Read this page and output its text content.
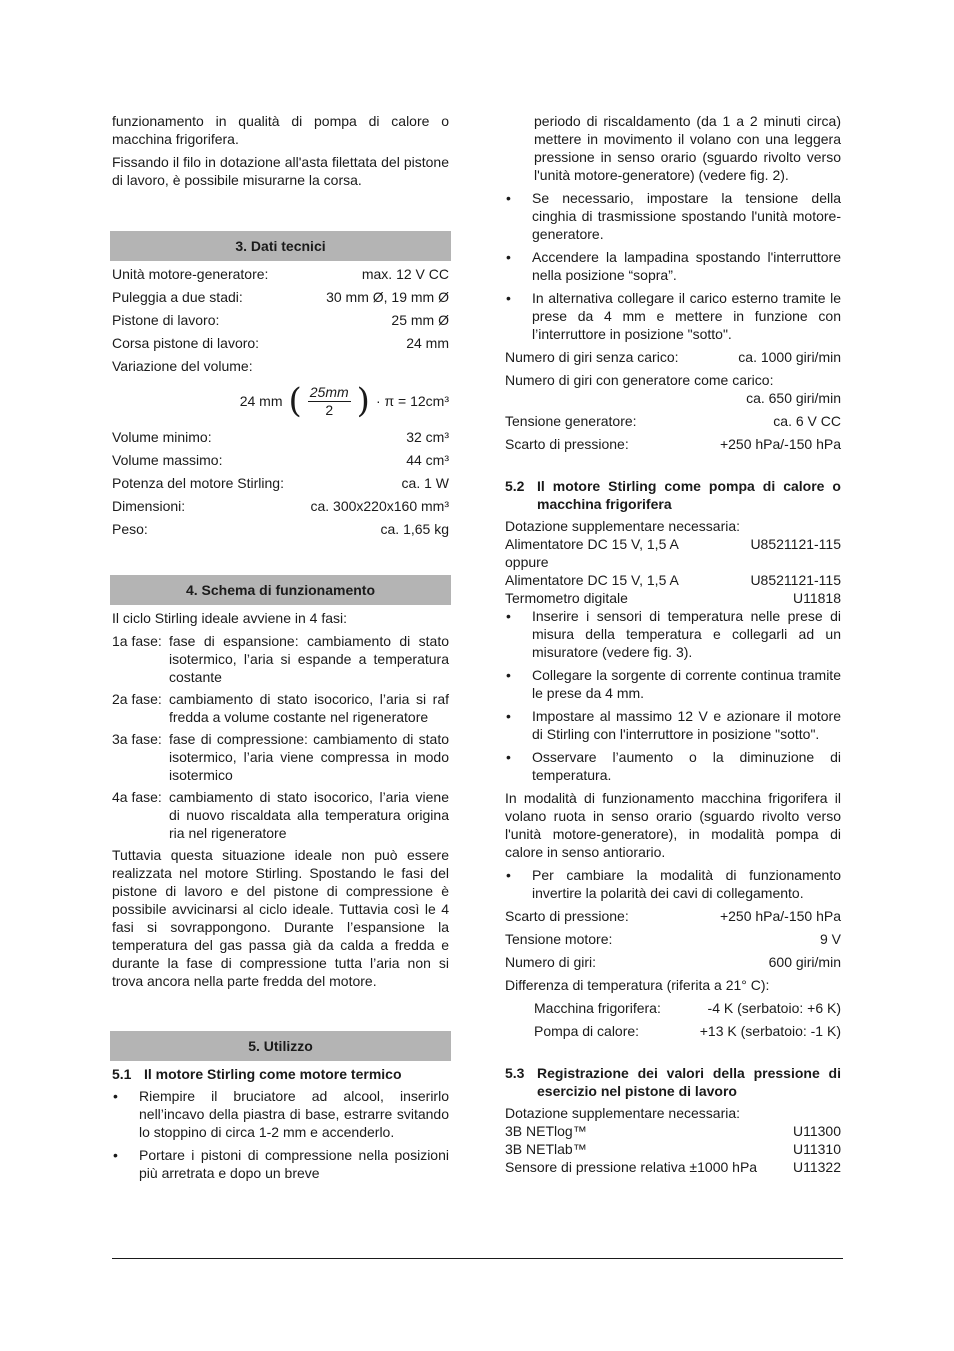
funzionamento in qualità di pompa di calore o macchina frigorifera.

Fissando il filo in dotazione all'asta filettata del pistone di lavoro, è possibile misurarne la corsa.

3. Dati tecnici
Unità motore-generatore:	max. 12 V CC
Puleggia a due stadi:	30 mm Ø, 19 mm Ø
Pistone di lavoro:	25 mm Ø
Corsa pistone di lavoro:	24 mm
Variazione del volume:
24 mm ( $\frac{25mm}{2}$ ) · π = 12cm³
Volume minimo:	32 cm³
Volume massimo:	44 cm³
Potenza del motore Stirling:	ca. 1 W
Dimensioni:	ca. 300x220x160 mm³
Peso:	ca. 1,65 kg
4. Schema di funzionamento

Il ciclo Stirling ideale avviene in 4 fasi:

1a fase: fase di espansione: cambiamento di stato isotermico, l’aria si espande a temperatura costante
2a fase: cambiamento di stato isocorico, l’aria si raf fredda a volume costante nel rigeneratore
3a fase: fase di compressione: cambiamento di stato isotermico, l’aria viene compressa in modo isotermico
4a fase: cambiamento di stato isocorico, l’aria viene di nuovo riscaldata alla temperatura origina ria nel rigeneratore

Tuttavia questa situazione ideale non può essere realizzata nel motore Stirling. Spostando le fasi del pistone di lavoro e del pistone di compressione è possibile avvicinarsi al ciclo ideale. Tuttavia così le 4 fasi si sovrappongono. Durante l’espansione la temperatura del gas passa già da calda a fredda e durante la fase di compressione tutta l’aria non si trova ancora nella parte fredda del motore.

5. Utilizzo
5.1 Il motore Stirling come motore termico
• Riempire il bruciatore ad alcool, inserirlo nell’incavo della piastra di base, estrarre svitando lo stoppino di circa 1-2 mm e accenderlo.
• Portare i pistoni di compressione nella posizioni più arretrata e dopo un breve

periodo di riscaldamento (da 1 a 2 minuti circa) mettere in movimento il volano con una leggera pressione in senso orario (sguardo rivolto verso l'unità motore-generatore) (vedere fig. 2).

• Se necessario, impostare la tensione della cinghia di trasmissione spostando l'unità motore-generatore.
• Accendere la lampadina spostando l'interruttore nella posizione “sopra”.
• In alternativa collegare il carico esterno tramite le prese da 4 mm e mettere in funzione con l’interruttore in posizione "sotto".
Numero di giri senza carico:	ca. 1000 giri/min
Numero di giri con generatore come carico:
ca. 650 giri/min
Tensione generatore:	ca. 6 V CC
Scarto di pressione:	+250 hPa/-150 hPa
5.2 Il motore Stirling come pompa di calore o macchina frigorifera
Dotazione supplementare necessaria:
Alimentatore DC 15 V, 1,5 A	U8521121-115
oppure
Alimentatore DC 15 V, 1,5 A	U8521121-115
Termometro digitale	U11818
• Inserire i sensori di temperatura nelle prese di misura della temperatura e collegarli ad un misuratore (vedere fig. 3).
• Collegare la sorgente di corrente continua tramite le prese da 4 mm.
• Impostare al massimo 12 V e azionare il motore di Stirling con l'interruttore in posizione "sotto".
• Osservare l’aumento o la diminuzione di temperatura.

In modalità di funzionamento macchina frigorifera il volano ruota in senso orario (sguardo rivolto verso l'unità motore-generatore), in modalità pompa di calore in senso antiorario.

• Per cambiare la modalità di funzionamento invertire la polarità dei cavi di collegamento.
Scarto di pressione:	+250 hPa/-150 hPa
Tensione motore:	9 V
Numero di giri:	600 giri/min

Differenza di temperatura (riferita a 21° C):

Macchina frigorifera:	-4 K (serbatoio: +6 K)
Pompa di calore:	+13 K (serbatoio: -1 K)
5.3 Registrazione dei valori della pressione di esercizio nel pistone di lavoro
Dotazione supplementare necessaria:
3B NETlog™	U11300
3B NETlab™	U11310
Sensore di pressione relativa ±1000 hPa	U11322
